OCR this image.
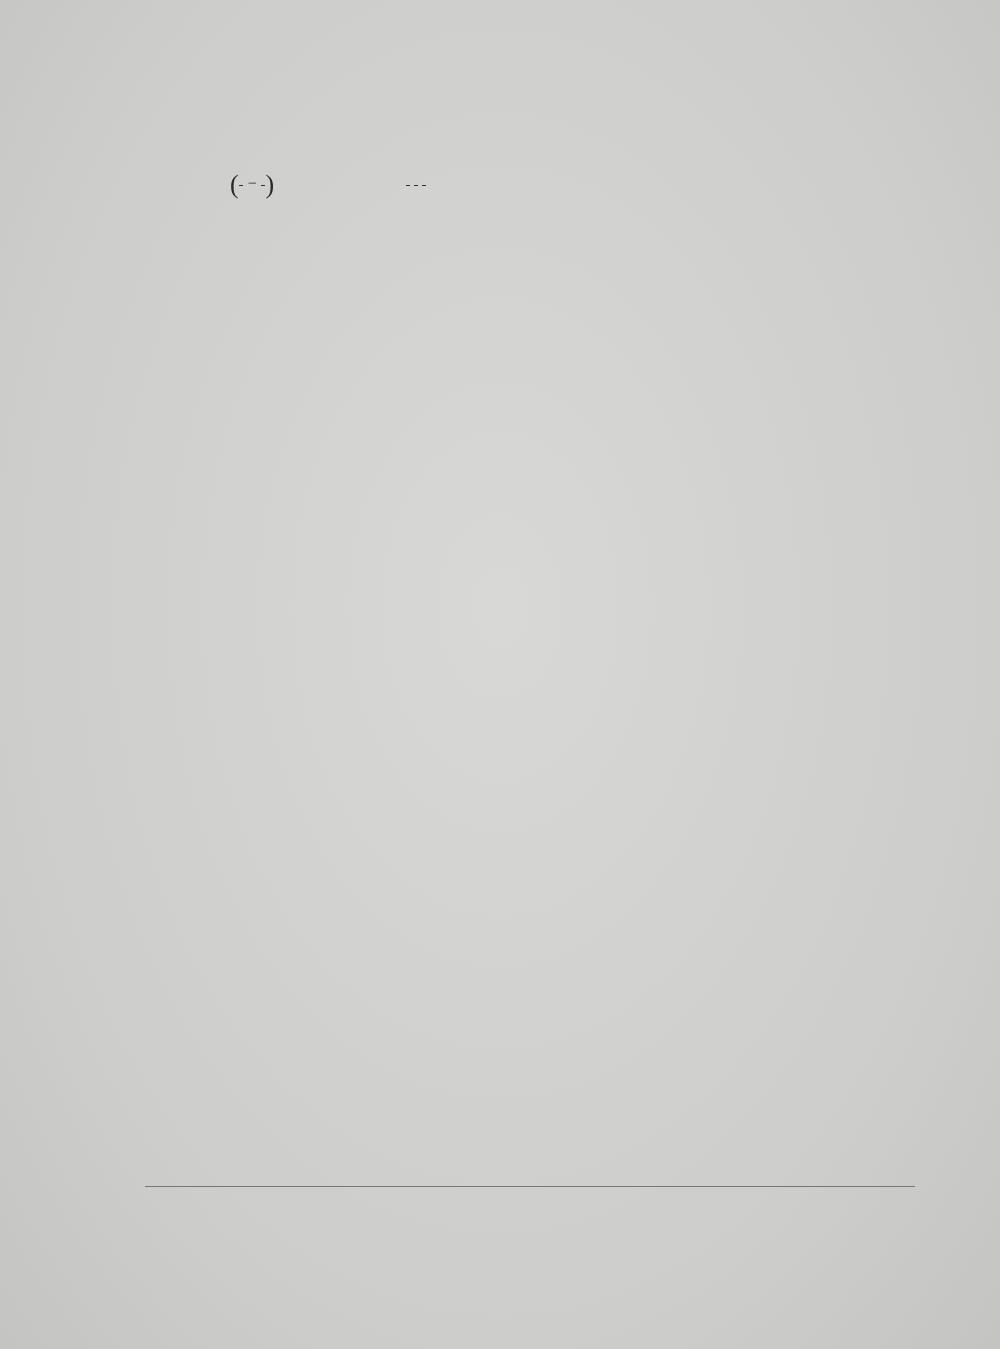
(
−
)
